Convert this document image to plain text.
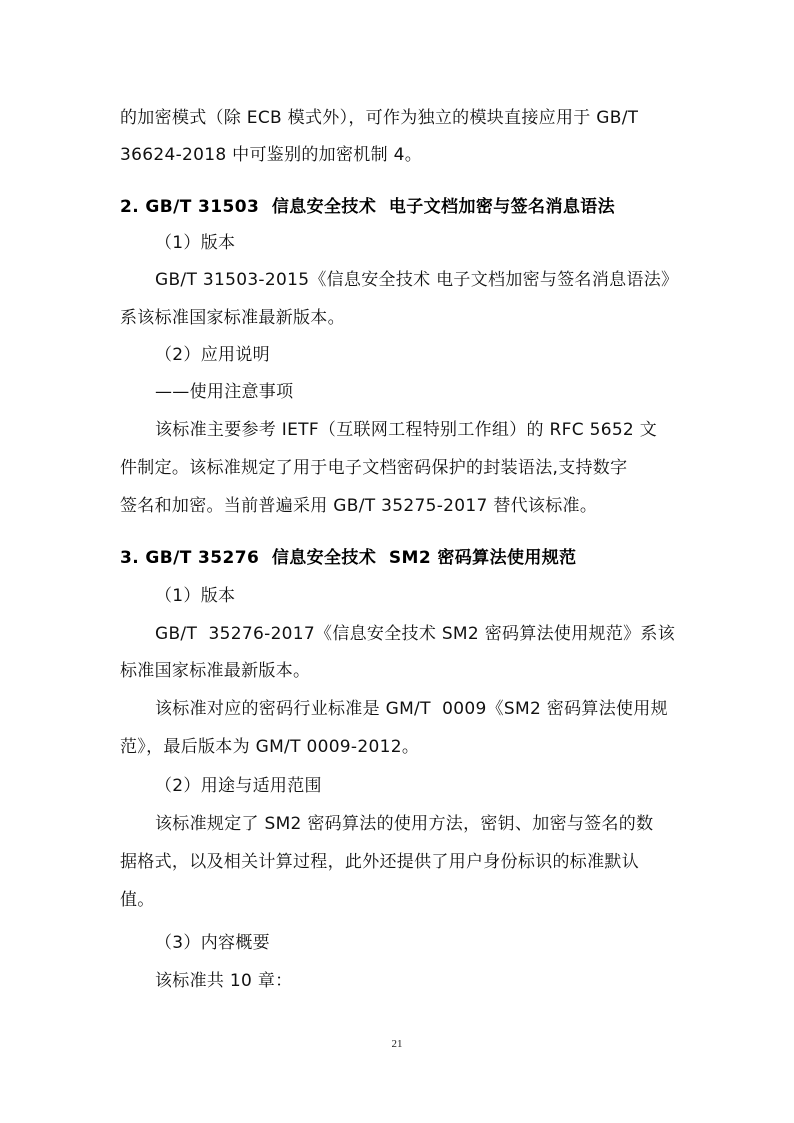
的加密模式（除 ECB 模式外），可作为独立的模块直接应用于 GB/T
36624-2018 中可鉴别的加密机制 4。
2. GB/T 31503  信息安全技术  电子文档加密与签名消息语法
（1）版本
GB/T 31503-2015《信息安全技术 电子文档加密与签名消息语法》
系该标准国家标准最新版本。
（2）应用说明
——使用注意事项
该标准主要参考 IETF（互联网工程特别工作组）的 RFC 5652 文
件制定。该标准规定了用于电子文档密码保护的封装语法,支持数字
签名和加密。当前普遍采用 GB/T 35275-2017 替代该标准。
3. GB/T 35276  信息安全技术  SM2 密码算法使用规范
（1）版本
GB/T  35276-2017《信息安全技术 SM2 密码算法使用规范》系该
标准国家标准最新版本。
该标准对应的密码行业标准是 GM/T  0009《SM2 密码算法使用规
范》，最后版本为 GM/T 0009-2012。
（2）用途与适用范围
该标准规定了 SM2 密码算法的使用方法，密钥、加密与签名的数
据格式，以及相关计算过程，此外还提供了用户身份标识的标准默认
值。
（3）内容概要
该标准共 10 章：
21
